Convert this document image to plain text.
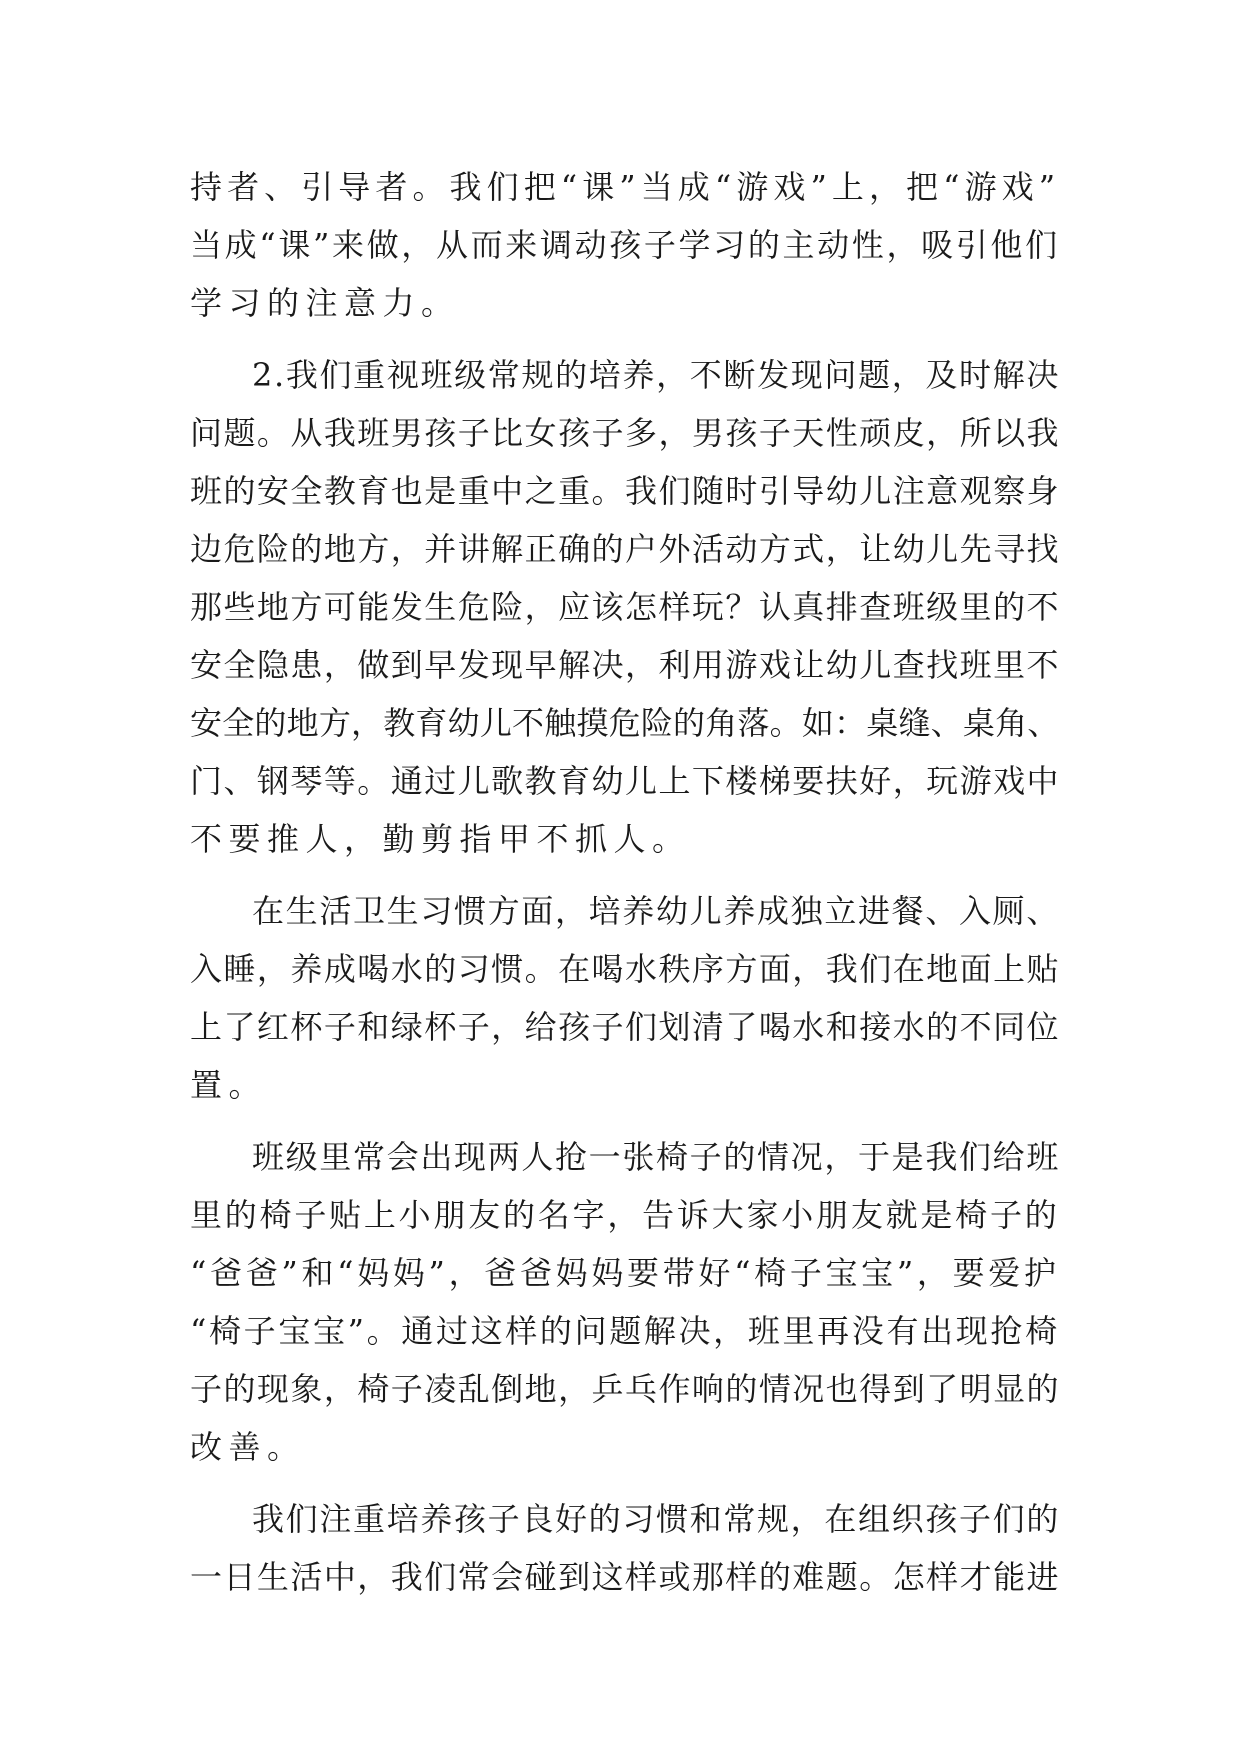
持者、引导者。我们把“课”当成“游戏”上，把“游戏”

当成“课”来做，从而来调动孩子学习的主动性，吸引他们

学习的注意力。

2.我们重视班级常规的培养，不断发现问题，及时解决

问题。从我班男孩子比女孩子多，男孩子天性顽皮，所以我

班的安全教育也是重中之重。我们随时引导幼儿注意观察身

边危险的地方，并讲解正确的户外活动方式，让幼儿先寻找

那些地方可能发生危险，应该怎样玩？认真排查班级里的不

安全隐患，做到早发现早解决，利用游戏让幼儿查找班里不

安全的地方，教育幼儿不触摸危险的角落。如：桌缝、桌角、

门、钢琴等。通过儿歌教育幼儿上下楼梯要扶好，玩游戏中

不要推人，勤剪指甲不抓人。

在生活卫生习惯方面，培养幼儿养成独立进餐、入厕、

入睡，养成喝水的习惯。在喝水秩序方面，我们在地面上贴

上了红杯子和绿杯子，给孩子们划清了喝水和接水的不同位

置。

班级里常会出现两人抢一张椅子的情况，于是我们给班

里的椅子贴上小朋友的名字，告诉大家小朋友就是椅子的

“爸爸”和“妈妈”，爸爸妈妈要带好“椅子宝宝”，要爱护

“椅子宝宝”。通过这样的问题解决，班里再没有出现抢椅

子的现象，椅子凌乱倒地，乒乓作响的情况也得到了明显的

改善。

我们注重培养孩子良好的习惯和常规，在组织孩子们的

一日生活中，我们常会碰到这样或那样的难题。怎样才能进
